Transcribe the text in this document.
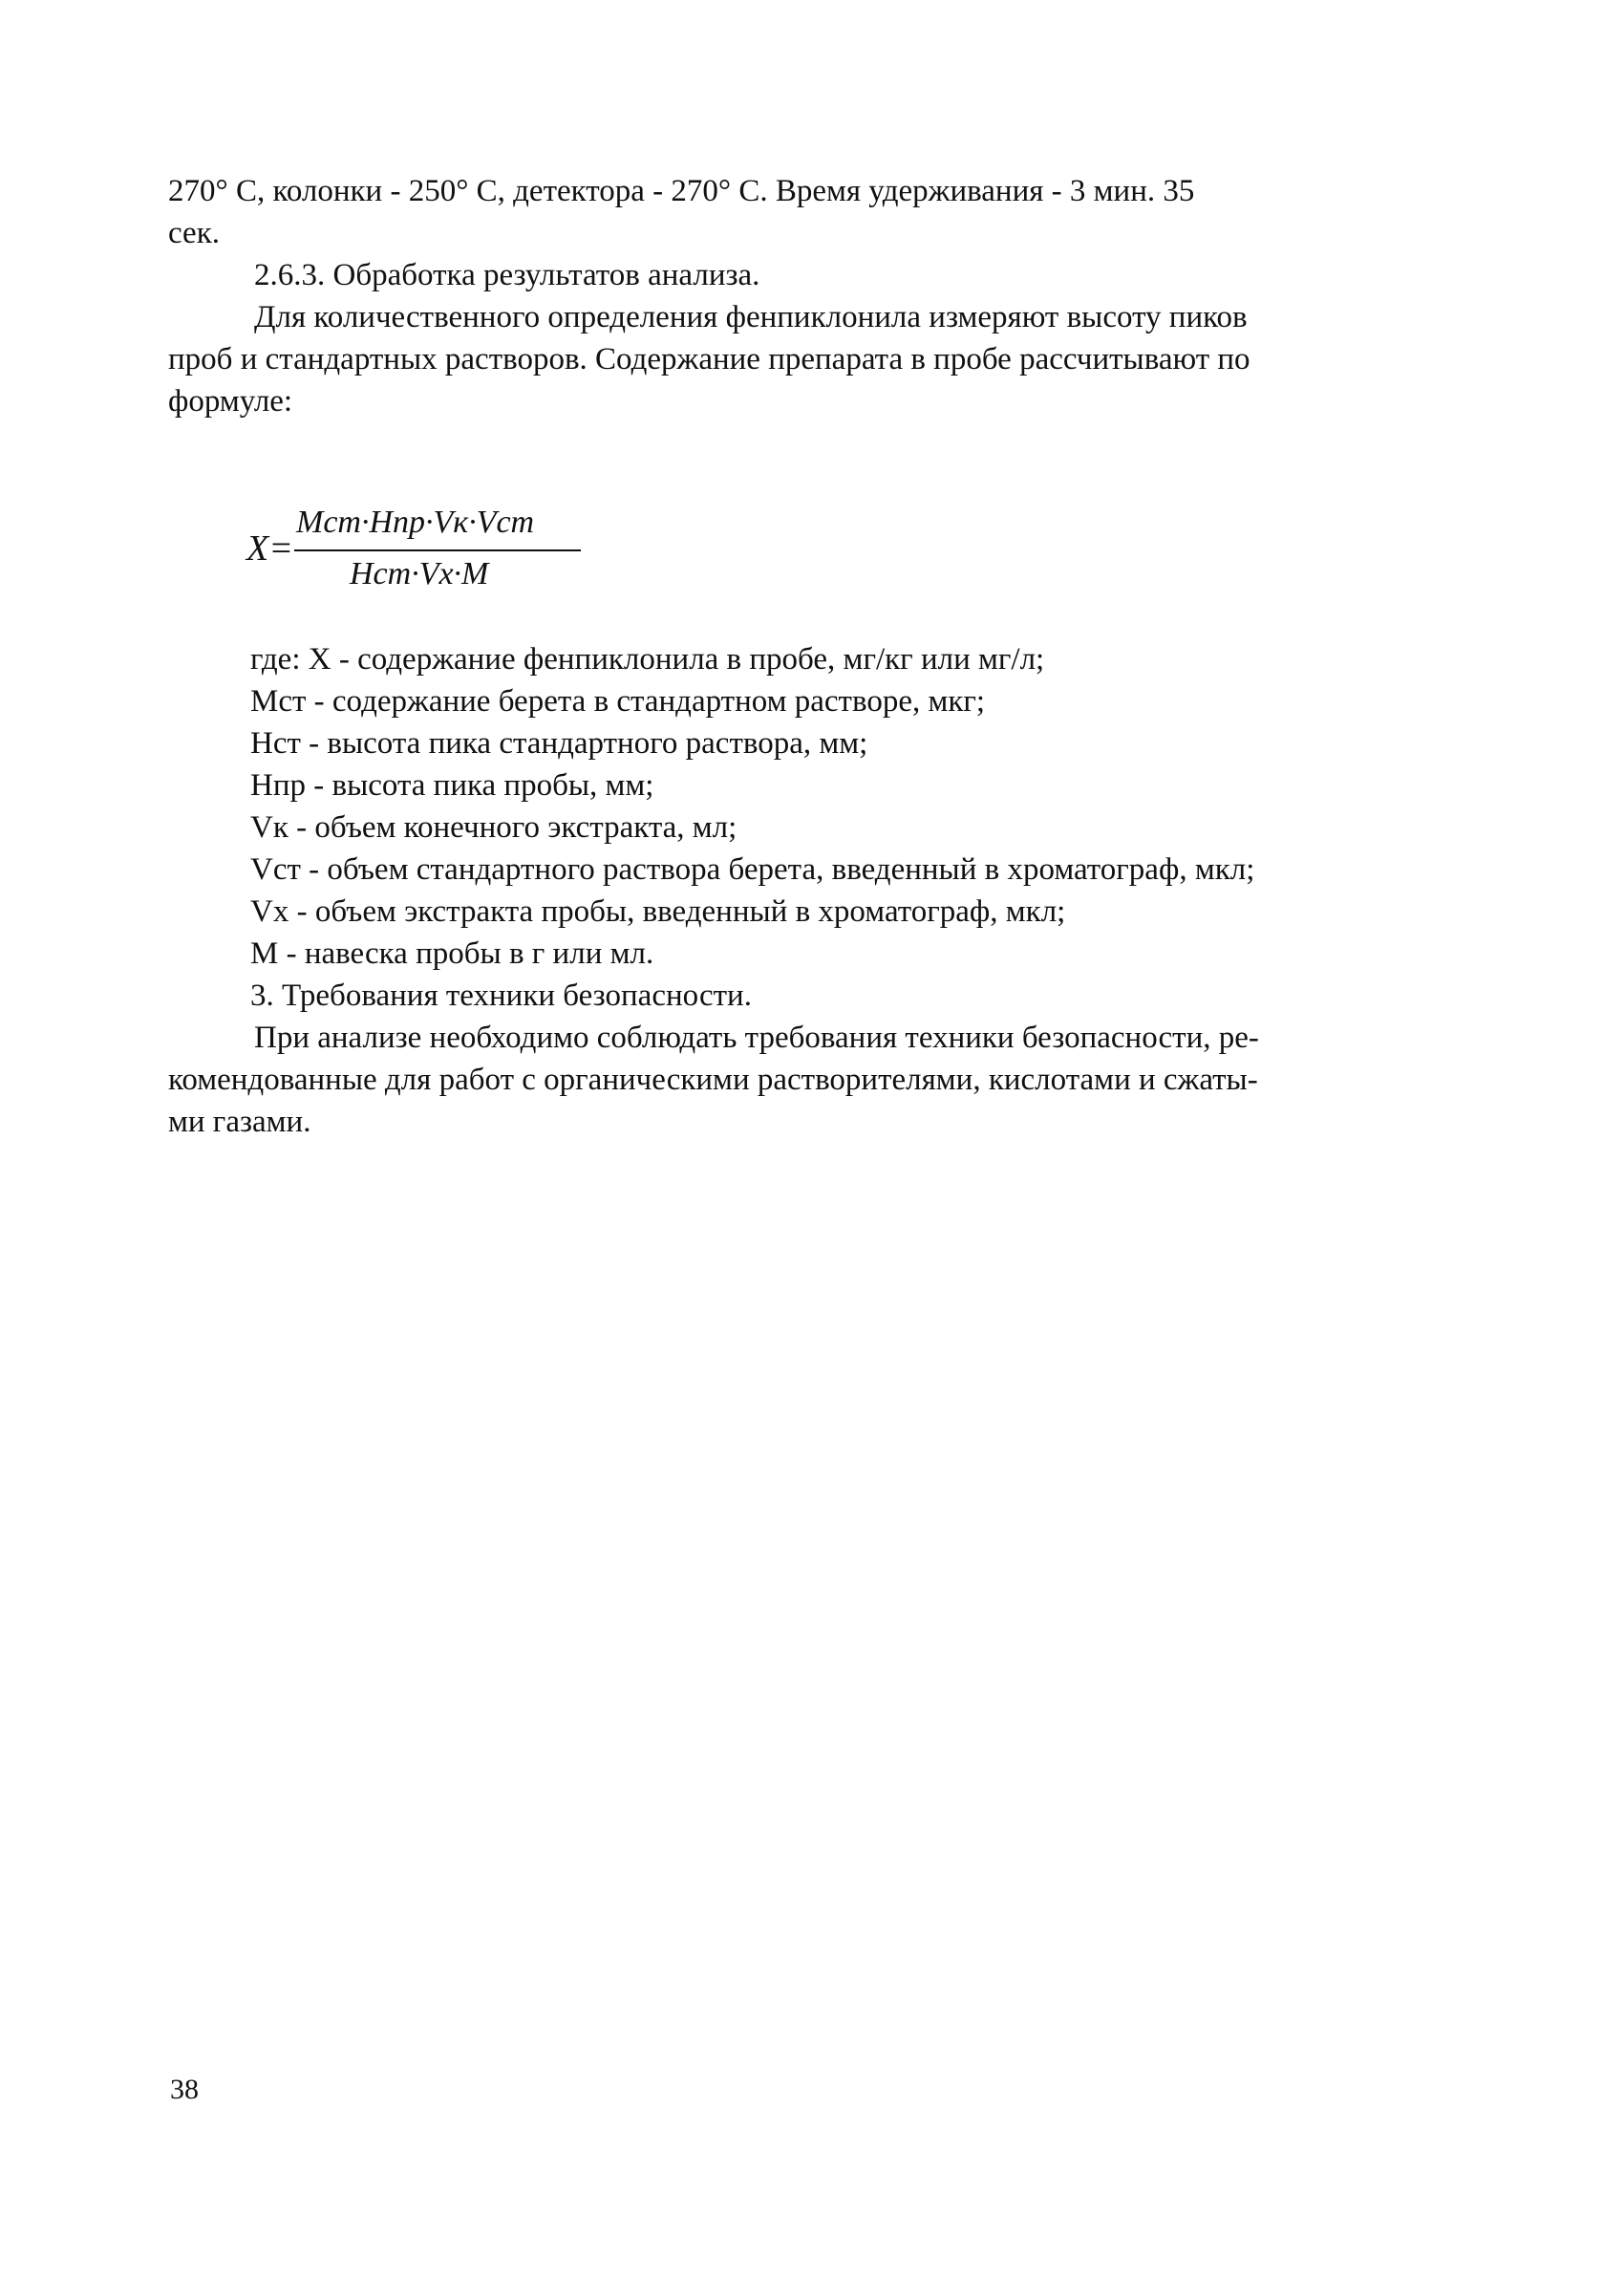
270° С, колонки - 250° С, детектора - 270° С. Время удерживания - 3 мин. 35
сек.
2.6.3. Обработка результатов анализа.
Для количественного определения фенпиклонила измеряют высоту пиков
проб и стандартных растворов. Содержание препарата в пробе рассчитывают по
формуле:
X=
Mст·Hпр·Vк·Vст
Hст·Vх·M
где: Х - содержание фенпиклонила в пробе, мг/кг или мг/л;
Мст - содержание берета в стандартном растворе, мкг;
Нст - высота пика стандартного раствора, мм;
Нпр - высота пика пробы, мм;
Vк - объем конечного экстракта, мл;
Vст - объем стандартного раствора берета, введенный в хроматограф, мкл;
Vх - объем экстракта пробы, введенный в хроматограф, мкл;
М - навеска пробы в г или мл.
3. Требования техники безопасности.
При анализе необходимо соблюдать требования техники безопасности, ре-
комендованные для работ с органическими растворителями, кислотами и сжаты-
ми газами.
38
